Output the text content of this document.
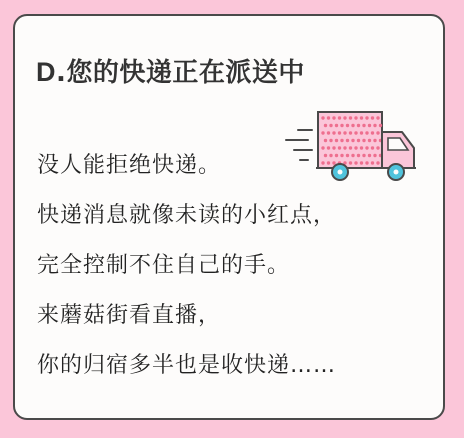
D.您的快递正在派送中
没人能拒绝快递。
快递消息就像未读的小红点，
完全控制不住自己的手。
来蘑菇街看直播，
你的归宿多半也是收快递……
